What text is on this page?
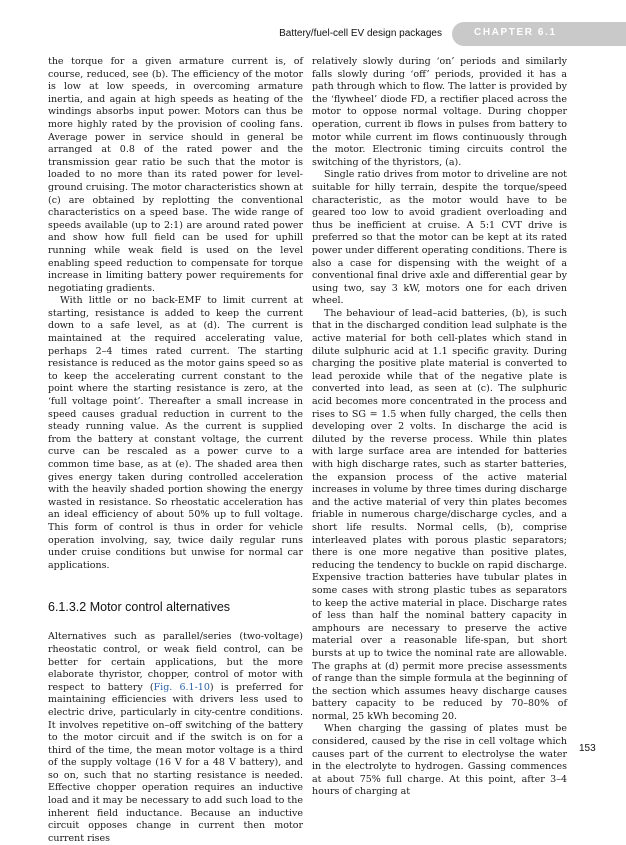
Battery/fuel-cell EV design packages	CHAPTER 6.1

the torque for a given armature current is, of course, reduced, see (b). The efficiency of the motor is low at low speeds, in overcoming armature inertia, and again at high speeds as heating of the windings absorbs input power. Motors can thus be more highly rated by the provision of cooling fans. Average power in service should in general be arranged at 0.8 of the rated power and the transmission gear ratio be such that the motor is loaded to no more than its rated power for level-ground cruising. The motor characteristics shown at (c) are obtained by replotting the conventional characteristics on a speed base. The wide range of speeds available (up to 2:1) are around rated power and show how full field can be used for uphill running while weak field is used on the level enabling speed reduction to compensate for torque increase in limiting battery power requirements for negotiating gradients.

With little or no back-EMF to limit current at starting, resistance is added to keep the current down to a safe level, as at (d). The current is maintained at the required accelerating value, perhaps 2–4 times rated current. The starting resistance is reduced as the motor gains speed so as to keep the accelerating current constant to the point where the starting resistance is zero, at the ‘full voltage point’. Thereafter a small increase in speed causes gradual reduction in current to the steady running value. As the current is supplied from the battery at constant voltage, the current curve can be rescaled as a power curve to a common time base, as at (e). The shaded area then gives energy taken during controlled acceleration with the heavily shaded portion showing the energy wasted in resistance. So rheostatic acceleration has an ideal efficiency of about 50% up to full voltage. This form of control is thus in order for vehicle operation involving, say, twice daily regular runs under cruise conditions but unwise for normal car applications.

6.1.3.2 Motor control alternatives

Alternatives such as parallel/series (two-voltage) rheostatic control, or weak field control, can be better for certain applications, but the more elaborate thyristor, chopper, control of motor with respect to battery (Fig. 6.1-10) is preferred for maintaining efficiencies with drivers less used to electric drive, particularly in city-centre conditions. It involves repetitive on–off switching of the battery to the motor circuit and if the switch is on for a third of the time, the mean motor voltage is a third of the supply voltage (16 V for a 48 V battery), and so on, such that no starting resistance is needed. Effective chopper operation requires an inductive load and it may be necessary to add such load to the inherent field inductance. Because an inductive circuit opposes change in current then motor current rises

relatively slowly during ‘on’ periods and similarly falls slowly during ‘off’ periods, provided it has a path through which to flow. The latter is provided by the ‘flywheel’ diode FD, a rectifier placed across the motor to oppose normal voltage. During chopper operation, current ib flows in pulses from battery to motor while current im flows continuously through the motor. Electronic timing circuits control the switching of the thyristors, (a).

Single ratio drives from motor to driveline are not suitable for hilly terrain, despite the torque/speed characteristic, as the motor would have to be geared too low to avoid gradient overloading and thus be inefficient at cruise. A 5:1 CVT drive is preferred so that the motor can be kept at its rated power under different operating conditions. There is also a case for dispensing with the weight of a conventional final drive axle and differential gear by using two, say 3 kW, motors one for each driven wheel.

The behaviour of lead–acid batteries, (b), is such that in the discharged condition lead sulphate is the active material for both cell-plates which stand in dilute sulphuric acid at 1.1 specific gravity. During charging the positive plate material is converted to lead peroxide while that of the negative plate is converted into lead, as seen at (c). The sulphuric acid becomes more concentrated in the process and rises to SG = 1.5 when fully charged, the cells then developing over 2 volts. In discharge the acid is diluted by the reverse process. While thin plates with large surface area are intended for batteries with high discharge rates, such as starter batteries, the expansion process of the active material increases in volume by three times during discharge and the active material of very thin plates becomes friable in numerous charge/discharge cycles, and a short life results. Normal cells, (b), comprise interleaved plates with porous plastic separators; there is one more negative than positive plates, reducing the tendency to buckle on rapid discharge. Expensive traction batteries have tubular plates in some cases with strong plastic tubes as separators to keep the active material in place. Discharge rates of less than half the nominal battery capacity in amphours are necessary to preserve the active material over a reasonable life-span, but short bursts at up to twice the nominal rate are allowable. The graphs at (d) permit more precise assessments of range than the simple formula at the beginning of the section which assumes heavy discharge causes battery capacity to be reduced by 70–80% of normal, 25 kWh becoming 20.

When charging the gassing of plates must be considered, caused by the rise in cell voltage which causes part of the current to electrolyse the water in the electrolyte to hydrogen. Gassing commences at about 75% full charge. At this point, after 3–4 hours of charging at

153
